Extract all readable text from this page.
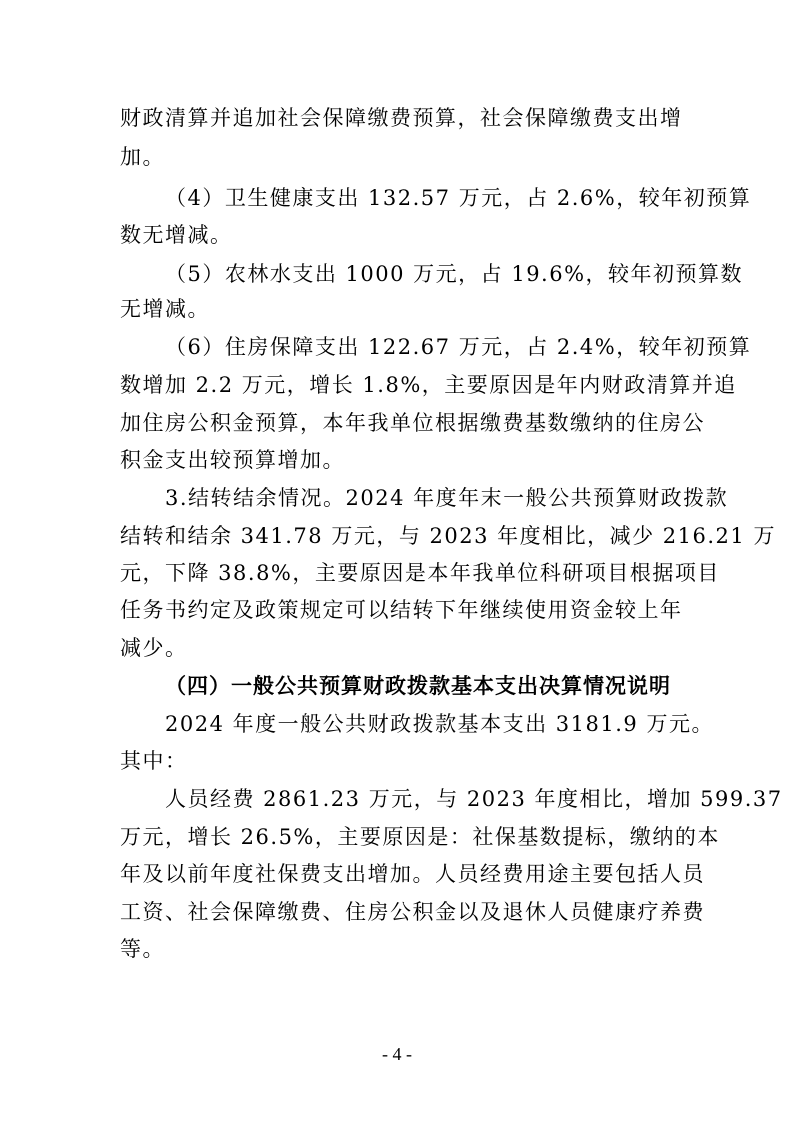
财政清算并追加社会保障缴费预算，社会保障缴费支出增
加。
（4）卫生健康支出 132.57 万元，占 2.6%，较年初预算
数无增减。
（5）农林水支出 1000 万元，占 19.6%，较年初预算数
无增减。
（6）住房保障支出 122.67 万元，占 2.4%，较年初预算
数增加 2.2 万元，增长 1.8%，主要原因是年内财政清算并追
加住房公积金预算，本年我单位根据缴费基数缴纳的住房公
积金支出较预算增加。
3.结转结余情况。2024 年度年末一般公共预算财政拨款
结转和结余 341.78 万元，与 2023 年度相比，减少 216.21 万
元，下降 38.8%，主要原因是本年我单位科研项目根据项目
任务书约定及政策规定可以结转下年继续使用资金较上年
减少。
（四）一般公共预算财政拨款基本支出决算情况说明
2024 年度一般公共财政拨款基本支出 3181.9 万元。
其中：
人员经费 2861.23 万元，与 2023 年度相比，增加 599.37
万元，增长 26.5%，主要原因是：社保基数提标，缴纳的本
年及以前年度社保费支出增加。人员经费用途主要包括人员
工资、社会保障缴费、住房公积金以及退休人员健康疗养费
等。
- 4 -
